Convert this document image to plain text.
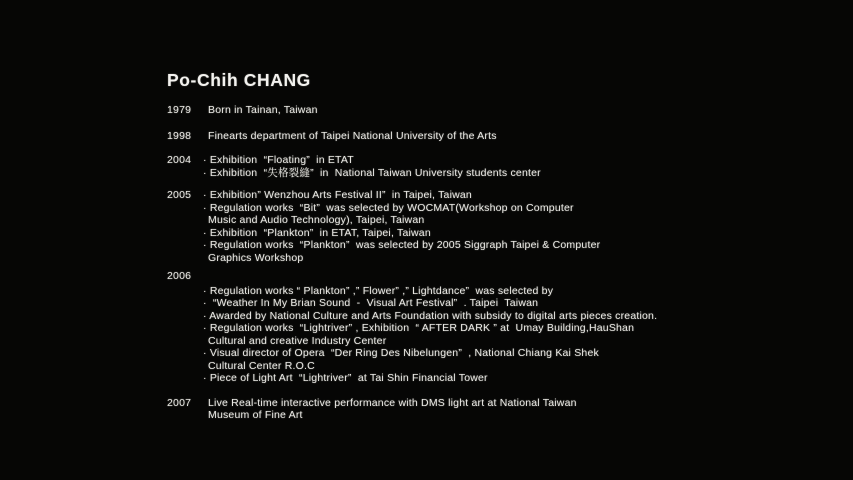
Po-Chih CHANG
1979	Born in Tainan, Taiwan
1998	Finearts department of Taipei National University of the Arts
2004	· Exhibition  “Floating”  in ETAT
· Exhibition  “失格裂縫”  in  National Taiwan University students center
2005	· Exhibition” Wenzhou Arts Festival II”  in Taipei, Taiwan
· Regulation works  “Bit”  was selected by WOCMAT(Workshop on Computer
Music and Audio Technology), Taipei, Taiwan
· Exhibition  “Plankton”  in ETAT, Taipei, Taiwan
· Regulation works  “Plankton”  was selected by 2005 Siggraph Taipei & Computer
Graphics Workshop
2006
· Regulation works “ Plankton” ,” Flower” ,” Lightdance”  was selected by
·  “Weather In My Brian Sound  -  Visual Art Festival”  . Taipei  Taiwan
· Awarded by National Culture and Arts Foundation with subsidy to digital arts pieces creation.
· Regulation works  “Lightriver” , Exhibition  “ AFTER DARK ” at  Umay Building,HauShan
Cultural and creative Industry Center
· Visual director of Opera  “Der Ring Des Nibelungen”  , National Chiang Kai Shek
Cultural Center R.O.C
· Piece of Light Art  “Lightriver”  at Tai Shin Financial Tower
2007	Live Real-time interactive performance with DMS light art at National Taiwan
Museum of Fine Art
